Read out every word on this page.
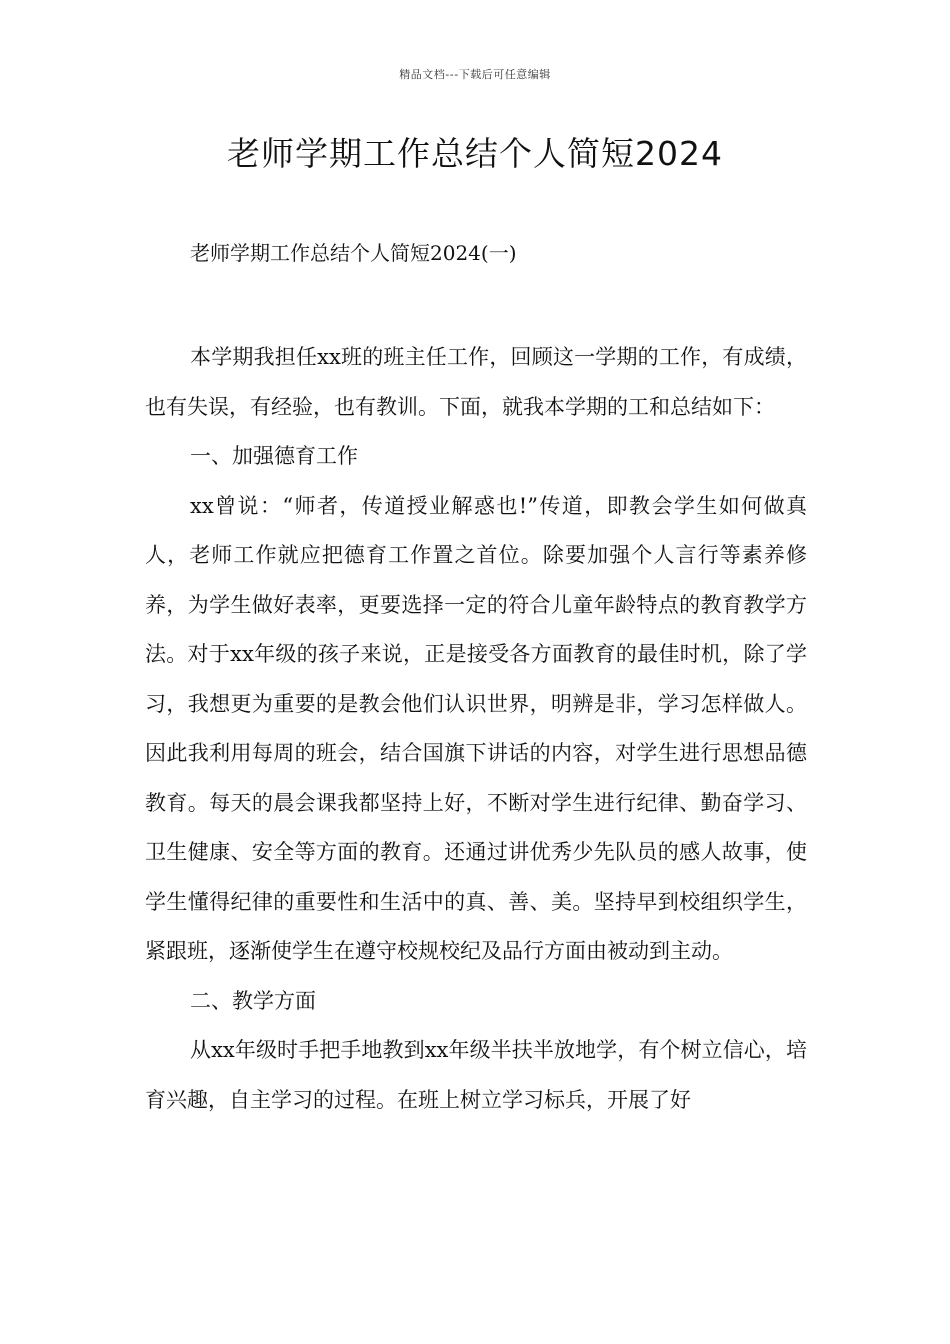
精品文档---下载后可任意编辑
老师学期工作总结个人简短2024
老师学期工作总结个人简短2024(一)

本学期我担任xx班的班主任工作，回顾这一学期的工作，有成绩，也有失误，有经验，也有教训。下面，就我本学期的工和总结如下：

一、加强德育工作

xx曾说：“师者，传道授业解惑也!”传道，即教会学生如何做真人，老师工作就应把德育工作置之首位。除要加强个人言行等素养修养，为学生做好表率，更要选择一定的符合儿童年龄特点的教育教学方法。对于xx年级的孩子来说，正是接受各方面教育的最佳时机，除了学习，我想更为重要的是教会他们认识世界，明辨是非，学习怎样做人。因此我利用每周的班会，结合国旗下讲话的内容，对学生进行思想品德教育。每天的晨会课我都坚持上好，不断对学生进行纪律、勤奋学习、卫生健康、安全等方面的教育。还通过讲优秀少先队员的感人故事，使学生懂得纪律的重要性和生活中的真、善、美。坚持早到校组织学生，紧跟班，逐渐使学生在遵守校规校纪及品行方面由被动到主动。

二、教学方面

从xx年级时手把手地教到xx年级半扶半放地学，有个树立信心，培育兴趣，自主学习的过程。在班上树立学习标兵，开展了好
